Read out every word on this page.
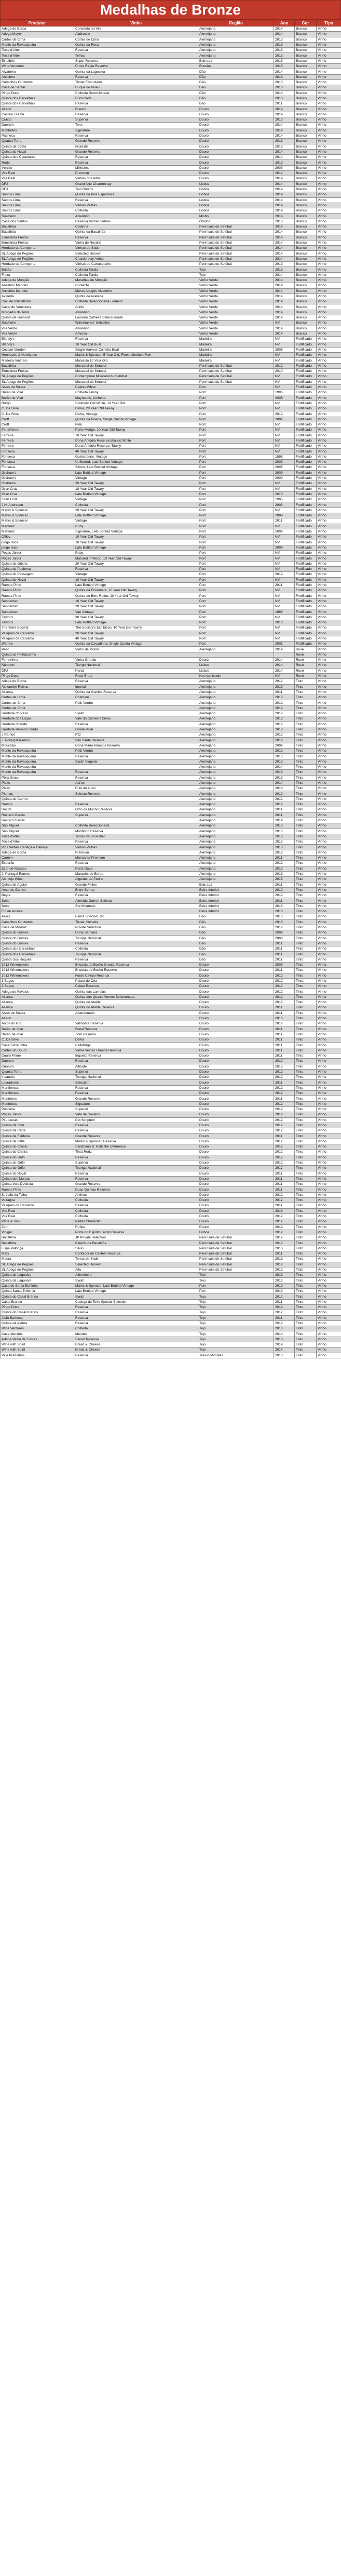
Medalhas de Bronze
Produtor	Vinho	Região	Ano	Cor	Tipo
Adega de Borba	Convento da Vila	Alentejano	2014	Branco	Vinho
Adega Mayor	Alabastro	Alentejano	2014	Branco	Vinho
Cortes de Cima	Cortes de Cima	Alentejano	2013	Branco	Vinho
Monte da Ravasqueira	Quinta da Rosa	Alentejano	2013	Branco	Vinho
Terra d'Alter	Reserva	Alentejano	2013	Branco	Vinho
Terra d'Alter	Telhas	Alentejano	2013	Branco	Vinho
Ex Libris	Super Reserva	Bairrada	2013	Branco	Vinho
Wine Ventures	Prova Régia Reserva	Bucelas	2013	Branco	Vinho
Alvarinho	Quinta da Lagoalva	Dão	2014	Branco	Vinho
Anselmo	Reserva	Dão	2013	Branco	Vinho
Caminhos Cruzados	Titular Encruzado	Dão	2013	Branco	Vinho
Casa de Santar	Duque de Viseu	Dão	2013	Branco	Vinho
Pingo Doce	Colheita Seleccionada	Dão	2014	Branco	Vinho
Quinta dos Carvalhais	Encruzado	Dão	2013	Branco	Vinho
Quinta dos Carvalhais	Reserva	Dão	2011	Branco	Vinho
Altano	Branco	Douro	2014	Branco	Vinho
Castelo D'Alba	Reserva	Douro	2014	Branco	Vinho
Crasto	Superior	Douro	2013	Branco	Vinho
Duorum	Tons	Douro	2014	Branco	Vinho
Monfortes	Signature	Douro	2014	Branco	Vinho
Pacheca	Reserva	Douro	2014	Branco	Vinho
Quanta Terra	Grande Reserva	Douro	2013	Branco	Vinho
Quinta da Costa	Frontalis	Douro	2013	Branco	Vinho
Quinta do Noval	Grande Reserva	Douro	2014	Branco	Vinho
Quinta dos Castelares	Reserva	Douro	2014	Branco	Vinho
Rede	Reserva	Douro	2013	Branco	Vinho
Vértice	Millésime	Douro	2009	Branco	Vinho
Vila Real	Premium	Douro	2014	Branco	Vinho
Vila Real	Vinhas dos Altos	Douro	2014	Branco	Vinho
DFJ	Grand Arte Chardonnay	Lisboa	2014	Branco	Vinho
DFJ	Two Rooms	Lisboa	2014	Branco	Vinho
Santos Lima	Quinta da Boa Esperança	Lisboa	2014	Branco	Vinho
Santos Lima	Reserva	Lisboa	2014	Branco	Vinho
Santos Lima	Vinhas Velhas	Lisboa	2014	Branco	Vinho
Santos Lima	Colheita	Lisboa	2014	Branco	Vinho
Soalheiro	Alvarinho	Minho	2014	Branco	Vinho
Casa dos Santos	Reserva Vinhas Velhas	Óbidos	2013	Branco	Vinho
Bacalhôa	Catarina	Península de Setúbal	2014	Branco	Vinho
Bacalhôa	Quinta da Bacalhôa	Península de Setúbal	2014	Branco	Vinho
Ermelinda Freitas	Reserva	Península de Setúbal	2014	Branco	Vinho
Ermelinda Freitas	Vinha do Rosário	Península de Setúbal	2014	Branco	Vinho
Herdade da Comporta	Vinhas de Sado	Península de Setúbal	2014	Branco	Vinho
SL Adega de Pegões	Selected Harvest	Península de Setúbal	2014	Branco	Vinho
SL Adega de Pegões	Chardonnay Arinto	Península de Setúbal	2014	Branco	Vinho
Herdade da Comporta	Vinhas do Carrasqueiro	Península de Setúbal	2013	Branco	Vinho
Bridão	Colheita Tardia	Tejo	2013	Branco	Vinho
Fiuza	Colheita Tardia	Tejo	2014	Branco	Vinho
Adega de Monção	Muralhas de Monção	Vinho Verde	2014	Branco	Vinho
Anselmo Mendes	Contacto	Vinho Verde	2014	Branco	Vinho
Anselmo Mendes	Muros Antigos Alvarinho	Vinho Verde	2014	Branco	Vinho
Aveleda	Quinta da Aveleda	Vinho Verde	2014	Branco	Vinho
Cav. de Vilacetinho	Colheita Seleccionada Loureiro	Vinho Verde	2014	Branco	Vinho
Casal de Ventozela	Arinto	Vinho Verde	2014	Branco	Vinho
Morgadio da Torre	Alvarinho	Vinho Verde	2014	Branco	Vinho
Quinta de Gomariz	Loureiro Colheita Seleccionada	Vinho Verde	2014	Branco	Vinho
Soalheiro	Winemakers' Selection	Vinho Verde	NV	Branco	Vinho
Vila Verde	Alvarinho	Vinho Verde	2014	Branco	Vinho
Vila Verde	Amonia	Vinho Verde	2014	Branco	Vinho
Blandy's	Reserva	Madeira	NV	Fortificado	Vinho
Blandy's	10 Year Old Bual	Madeira	NV	Fortificado	Vinho
Cossart Gordon	Single Harvest Colheita Bual	Madeira	2006	Fortificado	Vinho
Henriques & Henriques	Marks & Spencer, 5 Year Old, Finest Medium Rich	Madeira	NV	Fortificado	Vinho
Madeira Vintners	Malvasia 10 Year Old	Madeira	NV	Fortificado	Vinho
Bacalhôa	Moscatel de Setúbal	Península de Setúbal	2012	Fortificado	Vinho
Ermelinda Freitas	Moscatel de Setúbal	Península de Setúbal	2010	Fortificado	Vinho
SL Adega de Pegões	Contemporal Moscatel de Setúbal	Península de Setúbal	NV	Fortificado	Vinho
SL Adega de Pegões	Moscatel de Setúbal	Península de Setúbal	NV	Fortificado	Vinho
Alves de Sousa	Caldas White	Port	NV	Fortificado	Vinho
Barão de Vilar	Colheita Tawny	Port	1996	Fortificado	Vinho
Barão de Vilar	Maynard's, Colheita	Port	2005	Fortificado	Vinho
Burgo	Southern Old White, 10 Year Old	Port	NV	Fortificado	Vinho
C. Da Silva	Dalva, 20 Year Old Tawny	Port	NV	Fortificado	Vinho
C. Da Silva	Dalva, Vintage	Port	2012	Fortificado	Vinho
Croft	Quinta da Roeda, Single Quinta Vintage	Port	2002	Fortificado	Vinho
Croft	Pink	Port	NV	Fortificado	Vinho
Feuerheerd	Porto Monge, 10 Year Old Tawny	Port	NV	Fortificado	Vinho
Ferreira	10 Year Old Tawny	Port	NV	Fortificado	Vinho
Ferreira	Dona Antónia Reserva Branco White	Port	NV	Fortificado	Vinho
Ferreira	Dona Antónia Reserva, Tawny	Port	NV	Fortificado	Vinho
Fonseca	40 Year Old Tawny	Port	NV	Fortificado	Vinho
Fonseca	Guimaraens, Vintage	Port	1998	Fortificado	Vinho
Fonseca	Unfiltered, Late Bottled Vintage	Port	2009	Fortificado	Vinho
Fonseca	Siroco, Late Bottled Vintage	Port	2005	Fortificado	Vinho
Graham's	Late Bottled Vintage	Port	2009	Fortificado	Vinho
Graham's	Vintage	Port	2000	Fortificado	Vinho
Grahams	20 Year Old Tawny	Port	NV	Fortificado	Vinho
Gran Cruz	10 Year Old Tawny	Port	NV	Fortificado	Vinho
Gran Cruz	Late Bottled Vintage	Port	2010	Fortificado	Vinho
Gran Cruz	Vintage	Port	1995	Fortificado	Vinho
J.H. Andresen	Colheita	Port	2003	Fortificado	Vinho
Marks & Spencer	20 Year Old Tawny	Port	NV	Fortificado	Vinho
Marks & Spencer	Late Bottled Vintage	Port	2009	Fortificado	Vinho
Marks & Spencer	Vintage	Port	2011	Fortificado	Vinho
Martinez	Ruby	Port	NV	Fortificado	Vinho
Martinez	Signature, Late Bottled Vintage	Port	2009	Fortificado	Vinho
Offley	10 Year Old Tawny	Port	NV	Fortificado	Vinho
pingo doce	10 Year Old Tawny	Port	NV	Fortificado	Vinho
pingo doce	Late Bottled Vintage	Port	2009	Fortificado	Vinho
Poças Júnior	Ruby	Port	NV	Fortificado	Vinho
Poças Júnior	Matured in Wood, 10 Year Old Tawny	Port	NV	Fortificado	Vinho
Quinta da Gricha	20 Year Old Tawny	Port	NV	Fortificado	Vinho
Quinta da Pacheca	Reserva	Port	NV	Fortificado	Vinho
Quinta do Passagem	Vintage	Port	2012	Fortificado	Vinho
Quinta do Noval	10 Year Old Tawny	Port	NV	Fortificado	Vinho
Ramos Pinto	Late Bottled Vintage	Port	2011	Fortificado	Vinho
Ramos Pinto	Quinta da Ervamoira, 10 Year Old Tawny	Port	NV	Fortificado	Vinho
Ramos Pinto	Quinta do Bom Retiro, 20 Year Old Tawny	Port	NV	Fortificado	Vinho
Sandeman	10 Year Old Tawny	Port	NV	Fortificado	Vinho
Sandeman	20 Year Old Tawny	Port	NV	Fortificado	Vinho
Sandeman	Vau Vintage	Port	1999	Fortificado	Vinho
Taylor's	30 Year Old Tawny	Port	NV	Fortificado	Vinho
Taylor's	Late Bottled Vintage	Port	2010	Fortificado	Vinho
The Wine Society	The Society's Exhibition, 10 Year Old Tawny	Port	NV	Fortificado	Vinho
Vasques de Carvalho	20 Year Old Tawny	Port	NV	Fortificado	Vinho
Vasques de Carvalho	40 Year Old Tawny	Port	NV	Fortificado	Vinho
Warre's	Quinta da Cavadinha, Single Quinta Vintage	Port	2001	Fortificado	Vinho
Peso	Vinho de Monte	Alentejano	2014	Rosé	Vinho
Quinta do Pinhãozinho				Rosé	Vinho
Ferreirinha	Vinha Grande	Douro	2014	Rosé	Vinho
Niepoort	Tiarigo Nacional	Lisboa	2014	Rosé	Vinho
DFJ	Portal	Lisboa	2014	Rosé	Vinho
Pingo Doce	Rosé Brute	Not Applicable	NV	Rosé	Vinho
Adega de Borba	Reserva	Alentejano	2012	Tinto	Vinho
Alexandre Relvas	Imortal	Alentejano	2013	Tinto	Vinho
Aliança	Quinta da Garrida Reserva	Alentejano	2011	Tinto	Vinho
Cortes de Cima	Chaminé	Alentejano	2013	Tinto	Vinho
Cortes de Cima	Petit Verdot	Alentejano	2012	Tinto	Vinho
Cortes de Cima		Alentejano	2012	Tinto	Vinho
Herdade do Peso	Syrah	Alentejano	2012	Tinto	Vinho
Herdade dos Lagos	Vale do Camelos Sikao	Alentejano	2013	Tinto	Vinho
Herdade Grande	Reserva	Alentejano	2012	Tinto	Vinho
Herdade Penedo Gordo	Grade Villar	Alentejano	2013	Tinto	Vinho
J Ramos	F'O	Alentejano	2012	Tinto	Vinho
J. Portugal Ramos	Vila Santa Reserva	Alentejano	2012	Tinto	Vinho
Mouchão	Dona Maria Amantis Reserva	Alentejano	2009	Tinto	Vinho
Monte da Ravasqueira	Petit Verdot	Alentejano	2012	Tinto	Vinho
Monte da Ravasqueira	Reserva	Alentejano	2013	Tinto	Vinho
Monte da Ravasqueira	Syrah Viognier	Alentejano	2013	Tinto	Vinho
Monte da Ravasqueira		Alentejano	2014	Tinto	Vinho
Monte da Ravasqueira	Reserva	Alentejano	2013	Tinto	Vinho
Pêra-Grave	Reserva	Alentejano	2013	Tinto	Vinho
Plexs	Aal'us	Alentejano	2014	Tinto	Vinho
Plexs	Pulo do Lobo	Alentejano	2014	Tinto	Vinho
Plumas	Selecta Reserva	Alentejano	2012	Tinto	Vinho
Quinta do Carmo		Alentejano	2012	Tinto	Vinho
Ramos	Reserva	Alentejano	2012	Tinto	Vinho
Rocim	Olho de Mocho Reserva	Alentejano	2011	Tinto	Vinho
Rovisco Garcia	Superior	Alentejano	2011	Tinto	Vinho
Rovisco Garcia		Alentejano	2014	Tinto	Vinho
São Miguel	Colheita Seleccionada	Alentejano	2013	Tinto	Vinho
São Miguel	Montinho Reserva	Alentejano	2013	Tinto	Vinho
Terra d'Alter	Terras de Bouscher	Alentejano	2013	Tinto	Vinho
Terra d'Alter	Reserva	Alentejano	2012	Tinto	Vinho
Vigs Velhas Cabeça e Cabeça	Vinhas Velhas	Alentejano	2013	Tinto	Vinho
Adega de Borba	Premium	Alentejano	2012	Tinto	Vinho
Carmin	Monsaraz Premium	Alentejano	2011	Tinto	Vinho
Esporão	Reserva	Alentejano	2012	Tinto	Vinho
Ezor de Rovisco	Porta Nova	Alentejano	2012	Tinto	Vinho
J. Portugal Ramos	Marquês de Borba	Alentejano	2013	Tinto	Vinho
Alentejo Wine	Alguidar de Pedra	Alentejano	2013	Tinto	Vinho
Quinta de Aguiar	Grande Folies	Bairrada	2011	Tinto	Vinho
Amareis Garrett	Entre Serras	Beira Interior	2012	Tinto	Vinho
Beyra	Reserva	Beira Interior	2012	Tinto	Vinho
Sobe	Almeida Garrett Selecta	Beira Interior	2011	Tinto	Vinho
Sobe	Ste Mountain	Beira Interior	2013	Tinto	Vinho
Fio de Arouce		Beira Interior	2013	Tinto	Vinho
Alves	Bairra Special Edic	Dão	2013	Tinto	Vinho
Caminhos Cruzados	Titular Colheita	Dão	2013	Tinto	Vinho
Casa de Mouraz	Private Selection	Dão	2012	Tinto	Vinho
Quinta do Gomes	Dona Santana	Dão	2009	Tinto	Vinho
Quinta do Gomes	Touriga Nacional	Dão	2008	Tinto	Vinho
Quinta do Gomes	Reserva	Dão	2011	Tinto	Vinho
Quinta dos Carvalhais	Colheita	Dão	2011	Tinto	Vinho
Quinta dos Carvalhais	Touriga Nacional	Dão	2011	Tinto	Vinho
Quinta Dos Roques	Reserva	Dão	2011	Tinto	Vinho
1912 Winemakers	Encosta do Bocho Grande Reserva	Douro	2009	Tinto	Vinho
1912 Winemakers	Encosta do Bocho Reserva	Douro	2011	Tinto	Vinho
1912 Winemakers	Fonte Cavalo Reserva	Douro	2012	Tinto	Vinho
3 Bagos	Palato do Côa	Douro	2012	Tinto	Vinho
3 Bagos	Palato Reserva	Douro	2012	Tinto	Vinho
Adega de Favaios	Quinta das Lamelas	Douro	2012	Tinto	Vinho
Aliança	Quinta dos Quatro Ventos Selecionada	Douro	2012	Tinto	Vinho
Aliança	Quinta do Ataide	Douro	2012	Tinto	Vinho
Aliança	Quinta do Ataide Reserva	Douro	2011	Tinto	Vinho
Alves de Sousa	Abandonado	Douro	2011	Tinto	Vinho
Altano		Douro	2013	Tinto	Vinho
Arcos do Roi	Valmonte Reserva	Douro	2012	Tinto	Vinho
Barão de Vilar	Feital Reserva	Douro	2011	Tinto	Vinho
Barão de Vilar	Zom Reserva	Douro	2011	Tinto	Vinho
C. Da Silva	Dalva	Douro	2011	Tinto	Vinho
Casa Ferreirinha	Callabriga	Douro	2011	Tinto	Vinho
Cortes do Douro	Vinha Velhas Grande Reserva	Douro	2011	Tinto	Vinho
Douro Prime	Inquieto Reserva	Douro	2011	Tinto	Vinho
Duorum	Reserva	Douro	2012	Tinto	Vinho
Duorum	Altitude	Douro	2013	Tinto	Vinho
Quanta Terra	Superior	Douro	2012	Tinto	Vinho
Insaudio	Touriga Nacional	Douro	2012	Tinto	Vinho
Lavradores	Selection	Douro	2011	Tinto	Vinho
Martifonsos	Reserva	Douro	2012	Tinto	Vinho
Martifonsos	Reserva	Douro	2012	Tinto	Vinho
Monfortes	Grande Reserva	Douro	2011	Tinto	Vinho
Monfortes	Signature	Douro	2012	Tinto	Vinho
Pacheca	Superior	Douro	2012	Tinto	Vinho
Poças Júnior	Vale de Cavalos	Douro	2012	Tinto	Vinho
Pitu Lucas	Pot Scriptum	Douro	2012	Tinto	Vinho
Quinta da Cruz	Reserva	Douro	2012	Tinto	Vinho
Quinta da Rede	Reserva	Douro	2012	Tinto	Vinho
Quinta da Faldeira	Grande Reserva	Douro	2011	Tinto	Vinho
Quinta de Valle	Marks & Spencer, Reserva	Douro	2012	Tinto	Vinho
Quinta do Crasto	Sandberry & Trails the Difference	Douro	2012	Tinto	Vinho
Quinta do Cheira	Tinta Roriz	Douro	2012	Tinto	Vinho
Quinta do Grifo	Reserva	Douro	2012	Tinto	Vinho
Quinta do Grifo	Superior	Douro	2012	Tinto	Vinho
Quinta do Grifo	Touriga Nacional	Douro	2012	Tinto	Vinho
Quinta do Noval	Reserva	Douro	2011	Tinto	Vinho
Quinta dos Murças	Reserva	Douro	2011	Tinto	Vinho
Quinta Vale D'Aldeia	Grande Reserva	Douro	2011	Tinto	Vinho
Ramos Pinto	Duas Quintas Reserva	Douro	2011	Tinto	Vinho
S. João da Talha	Antinus	Douro	2012	Tinto	Vinho
Valtagna	Colheita	Douro	2012	Tinto	Vinho
Vasques de Carvalho	Reserva	Douro	2011	Tinto	Vinho
Vila Real	Colheita	Douro	2013	Tinto	Vinho
Vila Real	Colheita	Douro	2012	Tinto	Vinho
Wine & Soul	Pintas Character	Douro	2012	Tinto	Vinho
Zom	Rufete	Douro	2012	Tinto	Vinho
Vidigal	Porta do Espirito Santo Reserva	Lisboa	2012	Tinto	Vinho
Bacalhôa	JP Private Selection	Península de Setúbal	2012	Tinto	Vinho
Bacalhôa	Palácio da Bacalhôa	Península de Setúbal	2012	Tinto	Vinho
Filipe Palhoça	Silvio	Península de Setúbal	2013	Tinto	Vinho
Mary	Contador do Castelo Reserva	Península de Setúbal	2011	Tinto	Vinho
Moura	Terras de Sado	Península de Setúbal	2013	Tinto	Vinho
SL Adega de Pegões	Selected Harvest	Península de Setúbal	2012	Tinto	Vinho
SL Adega de Pegões	Alto	Península de Setúbal	2012	Tinto	Vinho
Quinta de Lagoalva	Alfrocheiro	Tejo	2013	Tinto	Vinho
Quinta da Lagoalva	Syrah	Tejo	2012	Tinto	Vinho
Casa de Santa Eufémia	Marks & Spencer, Late Bottled Vintage	Port	2010	Tinto	Vinho
Quinta Santa Eufemia	Late Bottled Vintage	Port	2010	Tinto	Vinho
Quinta do Casal Branco	Syrah	Tejo	2012	Tinto	Vinho
Casal Branco	Cabeça de Toiro Special Selection	Tejo	2011	Tinto	Vinho
Pingo Doce	Reserva	Tejo	2012	Tinto	Vinho
Quinta do Casal Branco	Reserva	Tejo	2012	Tinto	Vinho
João Barbosa	Reserva	Tejo	2011	Tinto	Vinho
Quinta da Alorna	Reserva	Tejo	2012	Tinto	Vinho
Wine Ventures	Colheita	Tejo	2013	Tinto	Vinho
Casa Mendes	Mendes	Tejo	2014	Tinto	Vinho
Adega Velha de Fontes	Sarcel Reserva	Tejo	2010	Tinto	Vinho
Wine with Spirit	Bread & Cheese	Tejo	2014	Tinto	Vinho
Wine with Spirit	Bread & Cheese	Tejo	2014	Tinto	Vinho
Vale Pradinhos	Reserva	Trás-os-Montes	2013	Tinto	Vinho
